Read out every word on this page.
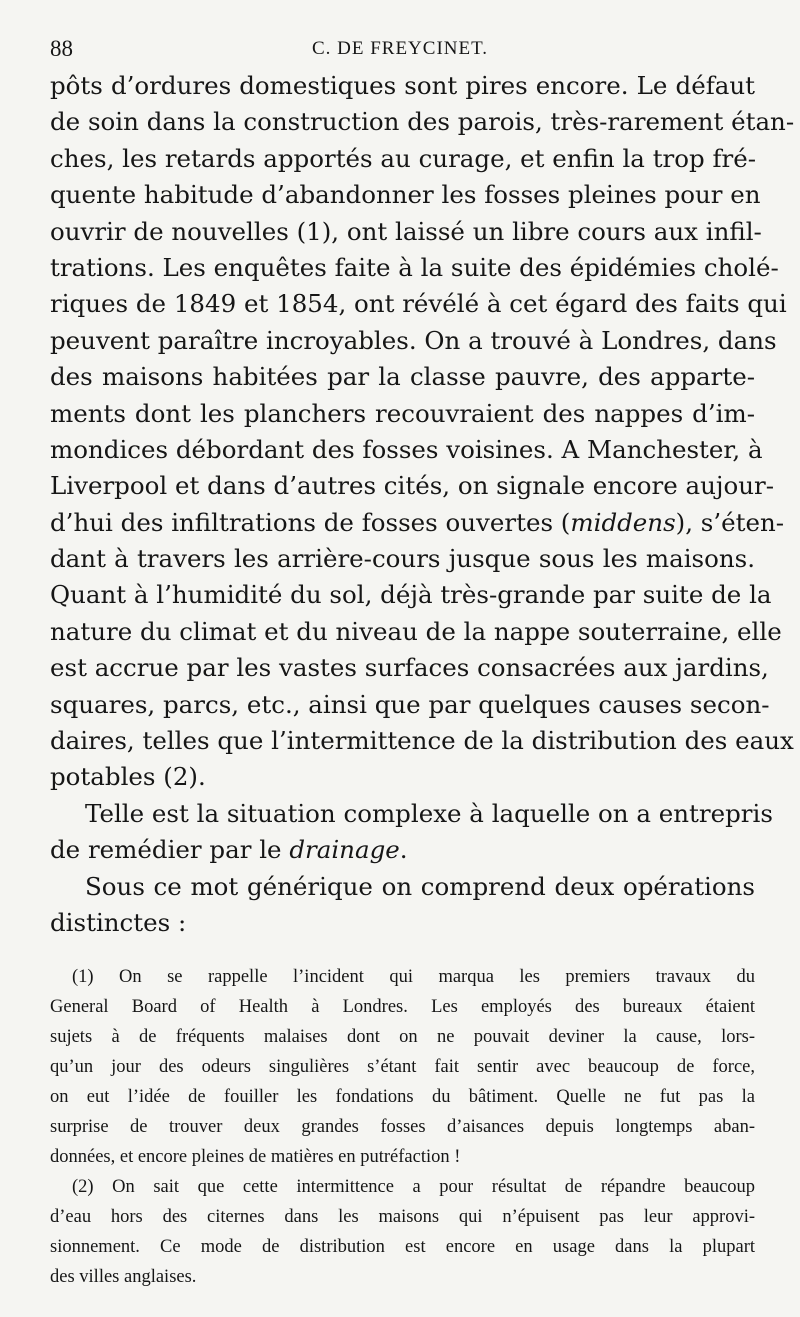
88	C. DE FREYCINET.
pôts d’ordures domestiques sont pires encore. Le défaut
de soin dans la construction des parois, très-rarement étan-
ches, les retards apportés au curage, et enfin la trop fré-
quente habitude d’abandonner les fosses pleines pour en
ouvrir de nouvelles (1), ont laissé un libre cours aux infil-
trations. Les enquêtes faite à la suite des épidémies cholé-
riques de 1849 et 1854, ont révélé à cet égard des faits qui
peuvent paraître incroyables. On a trouvé à Londres, dans
des maisons habitées par la classe pauvre, des apparte-
ments dont les planchers recouvraient des nappes d’im-
mondices débordant des fosses voisines. A Manchester, à
Liverpool et dans d’autres cités, on signale encore aujour-
d’hui des infiltrations de fosses ouvertes (middens), s’éten-
dant à travers les arrière-cours jusque sous les maisons.
Quant à l’humidité du sol, déjà très-grande par suite de la
nature du climat et du niveau de la nappe souterraine, elle
est accrue par les vastes surfaces consacrées aux jardins,
squares, parcs, etc., ainsi que par quelques causes secon-
daires, telles que l’intermittence de la distribution des eaux
potables (2).
Telle est la situation complexe à laquelle on a entrepris
de remédier par le drainage.
Sous ce mot générique on comprend deux opérations
distinctes :
(1) On se rappelle l’incident qui marqua les premiers travaux du
General Board of Health à Londres. Les employés des bureaux étaient
sujets à de fréquents malaises dont on ne pouvait deviner la cause, lors-
qu’un jour des odeurs singulières s’étant fait sentir avec beaucoup de force,
on eut l’idée de fouiller les fondations du bâtiment. Quelle ne fut pas la
surprise de trouver deux grandes fosses d’aisances depuis longtemps aban-
données, et encore pleines de matières en putréfaction !
(2) On sait que cette intermittence a pour résultat de répandre beaucoup
d’eau hors des citernes dans les maisons qui n’épuisent pas leur approvi-
sionnement. Ce mode de distribution est encore en usage dans la plupart
des villes anglaises.
